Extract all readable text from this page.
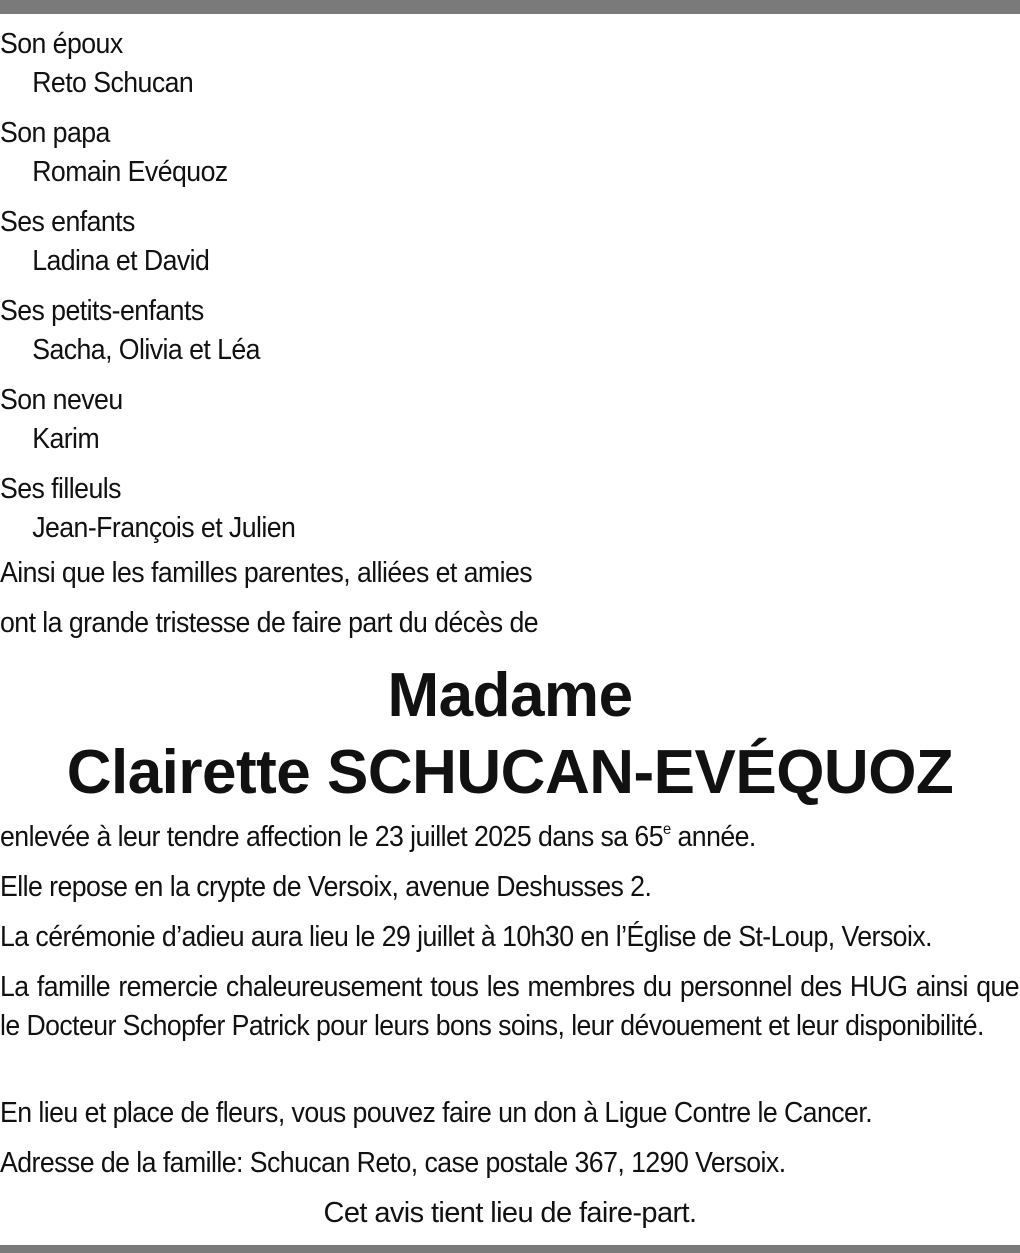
Son époux
Reto Schucan
Son papa
Romain Evéquoz
Ses enfants
Ladina et David
Ses petits-enfants
Sacha, Olivia et Léa
Son neveu
Karim
Ses filleuls
Jean-François et Julien
Ainsi que les familles parentes, alliées et amies
ont la grande tristesse de faire part du décès de
Madame
Clairette SCHUCAN-EVÉQUOZ
enlevée à leur tendre affection le 23 juillet 2025 dans sa 65e année.
Elle repose en la crypte de Versoix, avenue Deshusses 2.
La cérémonie d’adieu aura lieu le 29 juillet à 10h30 en l’Église de St-Loup, Versoix.
La famille remercie chaleureusement tous les membres du personnel des HUG ainsi que le Docteur Schopfer Patrick pour leurs bons soins, leur dévouement et leur disponibilité.
En lieu et place de fleurs, vous pouvez faire un don à Ligue Contre le Cancer.
Adresse de la famille: Schucan Reto, case postale 367, 1290 Versoix.
Cet avis tient lieu de faire-part.
